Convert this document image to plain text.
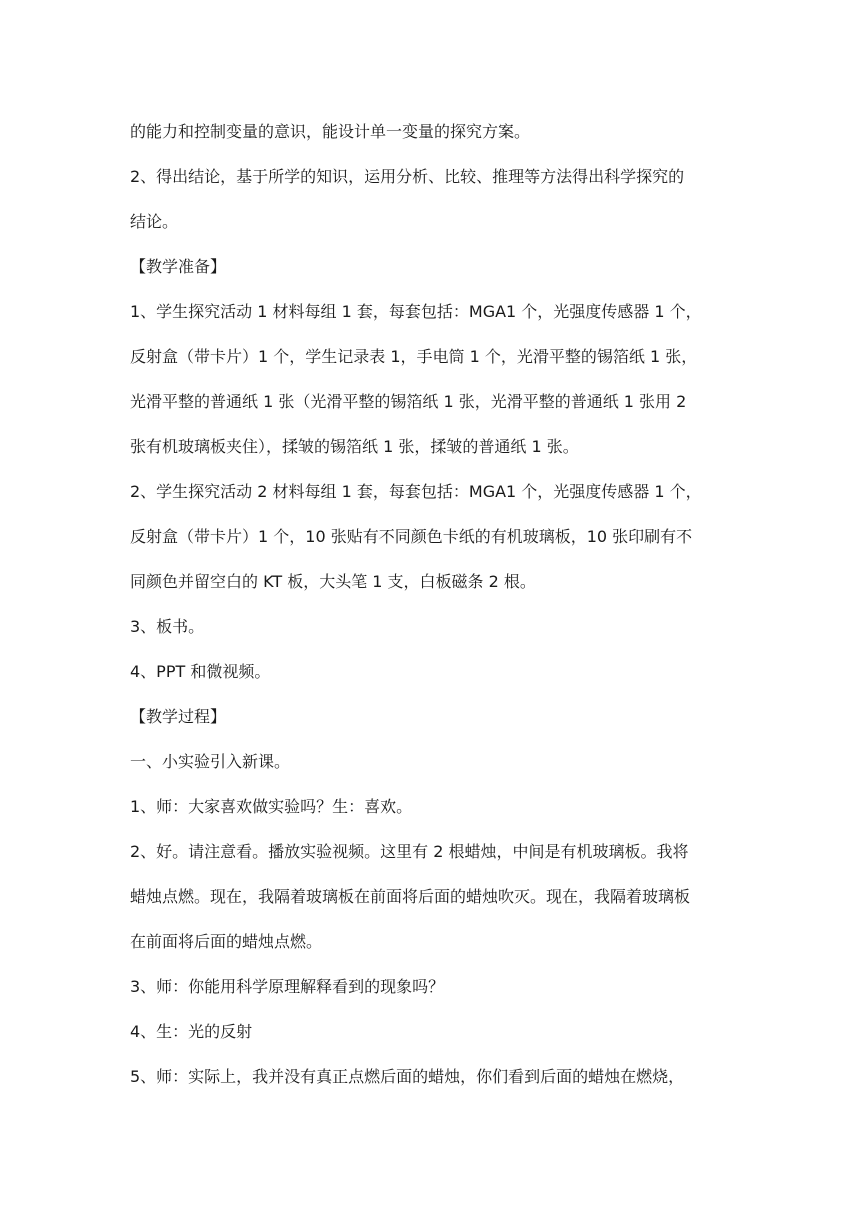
的能力和控制变量的意识，能设计单一变量的探究方案。
2、得出结论，基于所学的知识，运用分析、比较、推理等方法得出科学探究的
结论。
【教学准备】
1、学生探究活动 1 材料每组 1 套，每套包括：MGA1 个，光强度传感器 1 个，
反射盒（带卡片）1 个，学生记录表 1，手电筒 1 个，光滑平整的锡箔纸 1 张，
光滑平整的普通纸 1 张（光滑平整的锡箔纸 1 张，光滑平整的普通纸 1 张用 2
张有机玻璃板夹住），揉皱的锡箔纸 1 张，揉皱的普通纸 1 张。
2、学生探究活动 2 材料每组 1 套，每套包括：MGA1 个，光强度传感器 1 个，
反射盒（带卡片）1 个，10 张贴有不同颜色卡纸的有机玻璃板，10 张印刷有不
同颜色并留空白的 KT 板，大头笔 1 支，白板磁条 2 根。
3、板书。
4、PPT 和微视频。
【教学过程】
一、小实验引入新课。
1、师：大家喜欢做实验吗？生：喜欢。
2、好。请注意看。播放实验视频。这里有 2 根蜡烛，中间是有机玻璃板。我将
蜡烛点燃。现在，我隔着玻璃板在前面将后面的蜡烛吹灭。现在，我隔着玻璃板
在前面将后面的蜡烛点燃。
3、师：你能用科学原理解释看到的现象吗？
4、生：光的反射
5、师：实际上，我并没有真正点燃后面的蜡烛，你们看到后面的蜡烛在燃烧，
